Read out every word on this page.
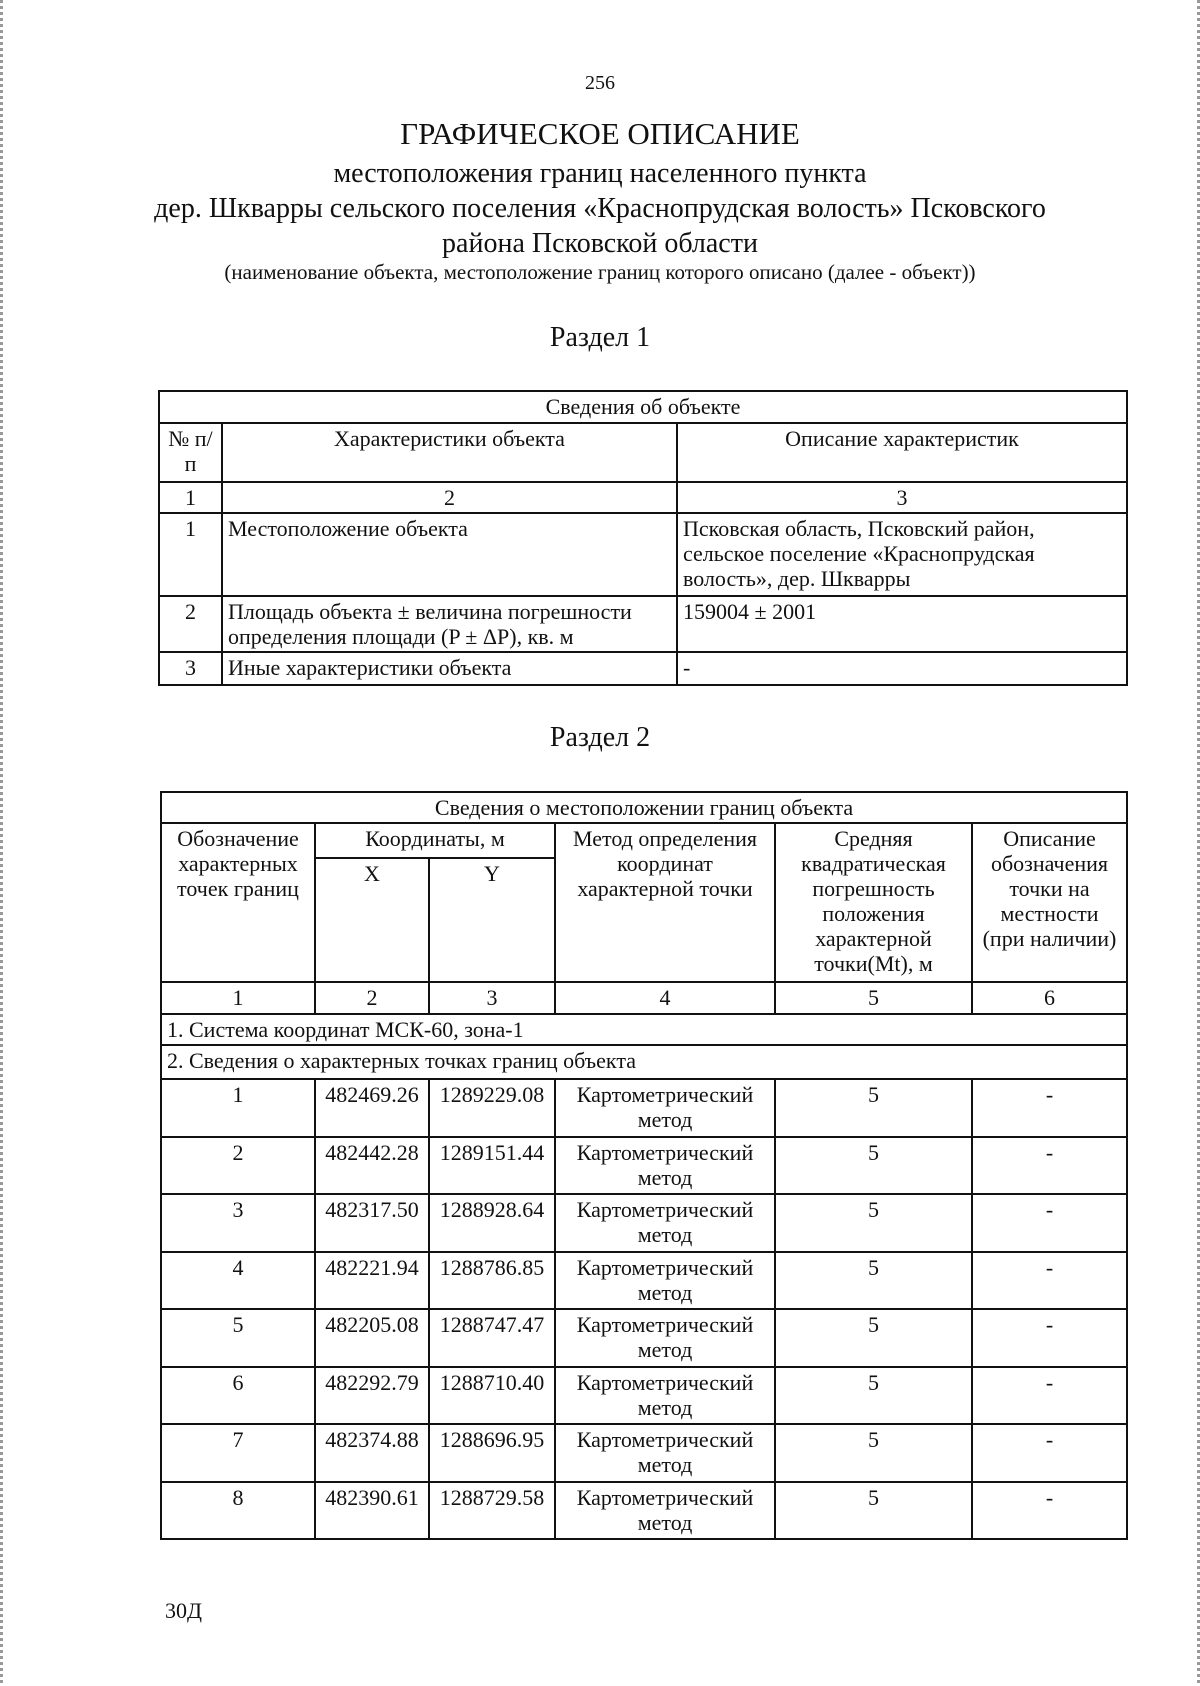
256
ГРАФИЧЕСКОЕ ОПИСАНИЕ
местоположения границ населенного пункта
дер. Шкварры сельского поселения «Краснопрудская волость» Псковского
района Псковской области
(наименование объекта, местоположение границ которого описано (далее - объект))
Раздел 1
Сведения об объекте		
№ п/п	Характеристики объекта	Описание характеристик
1	2	3
1	Местоположение объекта	Псковская область, Псковский район, сельское поселение «Краснопрудская волость», дер. Шкварры
2	Площадь объекта ± величина погрешности определения площади (P ± ΔP), кв. м	159004 ± 2001
3	Иные характеристики объекта	-
Раздел 2
Сведения о местоположении границ объекта					
Обозначение характерных точек границ	Координаты, м		Метод определения координат характерной точки	Средняя квадратическая погрешность положения характерной точки(Mt), м	Описание обозначения точки на местности (при наличии)
	X	Y			
1	2	3	4	5	6
1. Система координат МСК-60, зона-1					
2. Сведения о характерных точках границ объекта					
1	482469.26	1289229.08	Картометрический метод	5	-
2	482442.28	1289151.44	Картометрический метод	5	-
3	482317.50	1288928.64	Картометрический метод	5	-
4	482221.94	1288786.85	Картометрический метод	5	-
5	482205.08	1288747.47	Картометрический метод	5	-
6	482292.79	1288710.40	Картометрический метод	5	-
7	482374.88	1288696.95	Картометрический метод	5	-
8	482390.61	1288729.58	Картометрический метод	5	-
30Д
